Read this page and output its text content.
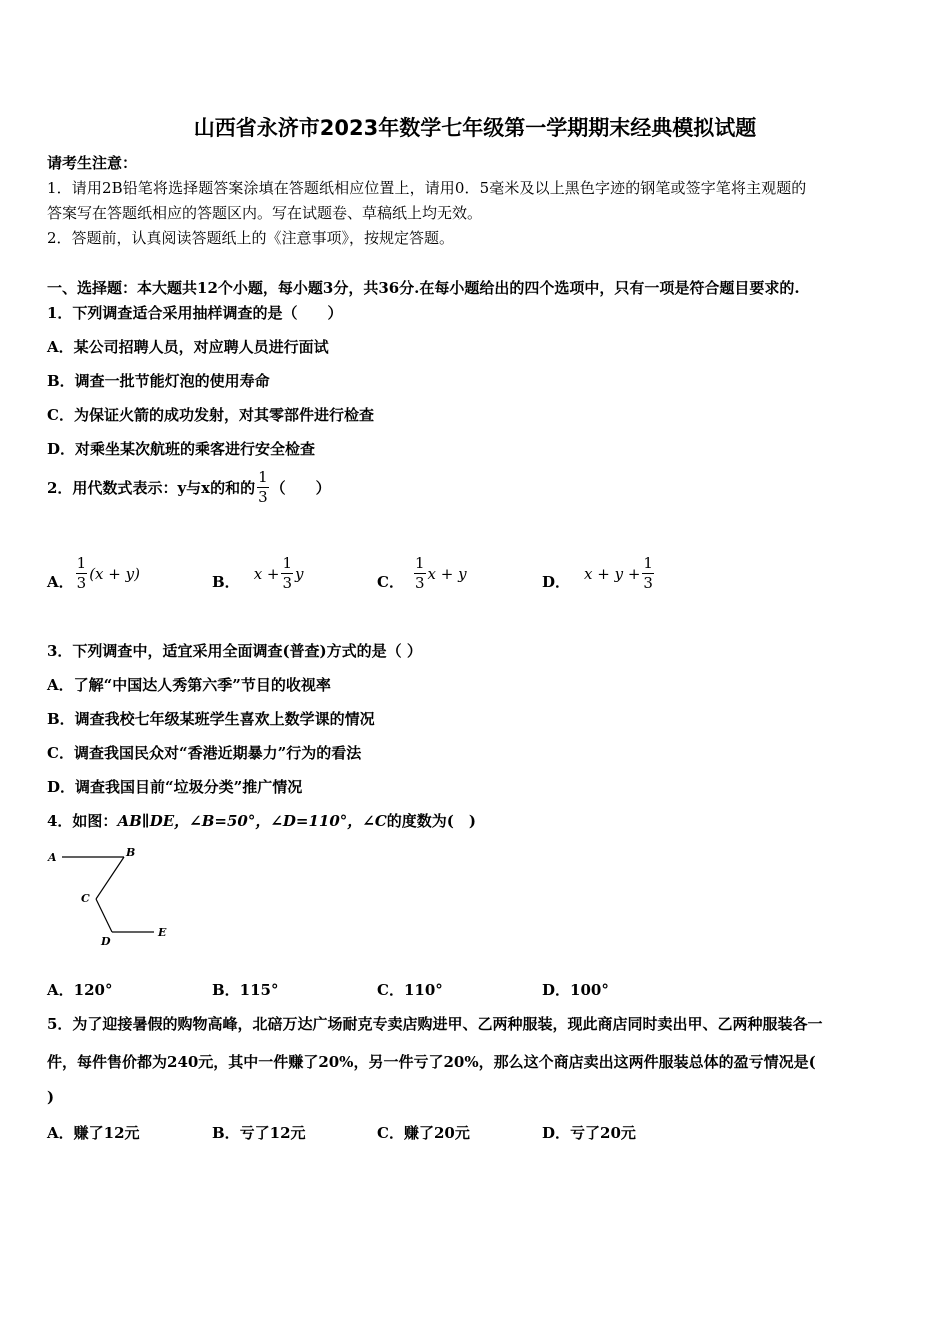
山西省永济市2023年数学七年级第一学期期末经典模拟试题
请考生注意：
1．请用2B铅笔将选择题答案涂填在答题纸相应位置上，请用0．5毫米及以上黑色字迹的钢笔或签字笔将主观题的
答案写在答题纸相应的答题区内。写在试题卷、草稿纸上均无效。
2．答题前，认真阅读答题纸上的《注意事项》，按规定答题。
一、选择题：本大题共12个小题，每小题3分，共36分.在每小题给出的四个选项中，只有一项是符合题目要求的.
1．下列调查适合采用抽样调查的是（　　）
A．某公司招聘人员，对应聘人员进行面试
B．调查一批节能灯泡的使用寿命
C．为保证火箭的成功发射，对其零部件进行检查
D．对乘坐某次航班的乘客进行安全检查
2．用代数式表示：y与x的和的 $\frac{1}{3}$ （　　）
A． $\frac{1}{3} (x + y)$	B． $x + \frac{1}{3}$ y	C． $\frac{1}{3}$ x + y	D． $x + y + \frac{1}{3}$
3．下列调查中，适宜采用全面调查(普查)方式的是（ ）
A．了解“中国达人秀第六季”节目的收视率
B．调查我校七年级某班学生喜欢上数学课的情况
C．调查我国民众对“香港近期暴力”行为的看法
D．调查我国目前“垃圾分类”推广情况
4．如图：AB∥DE，∠B=50°，∠D=110°，∠C的度数为(　)
A	B
C
D
E
A．120°	B．115°	C．110°	D．100°
5．为了迎接暑假的购物高峰，北碚万达广场耐克专卖店购进甲、乙两种服装，现此商店同时卖出甲、乙两种服装各一
件，每件售价都为240元，其中一件赚了20%，另一件亏了20%，那么这个商店卖出这两件服装总体的盈亏情况是(
)
A．赚了12元	B．亏了12元	C．赚了20元	D．亏了20元
